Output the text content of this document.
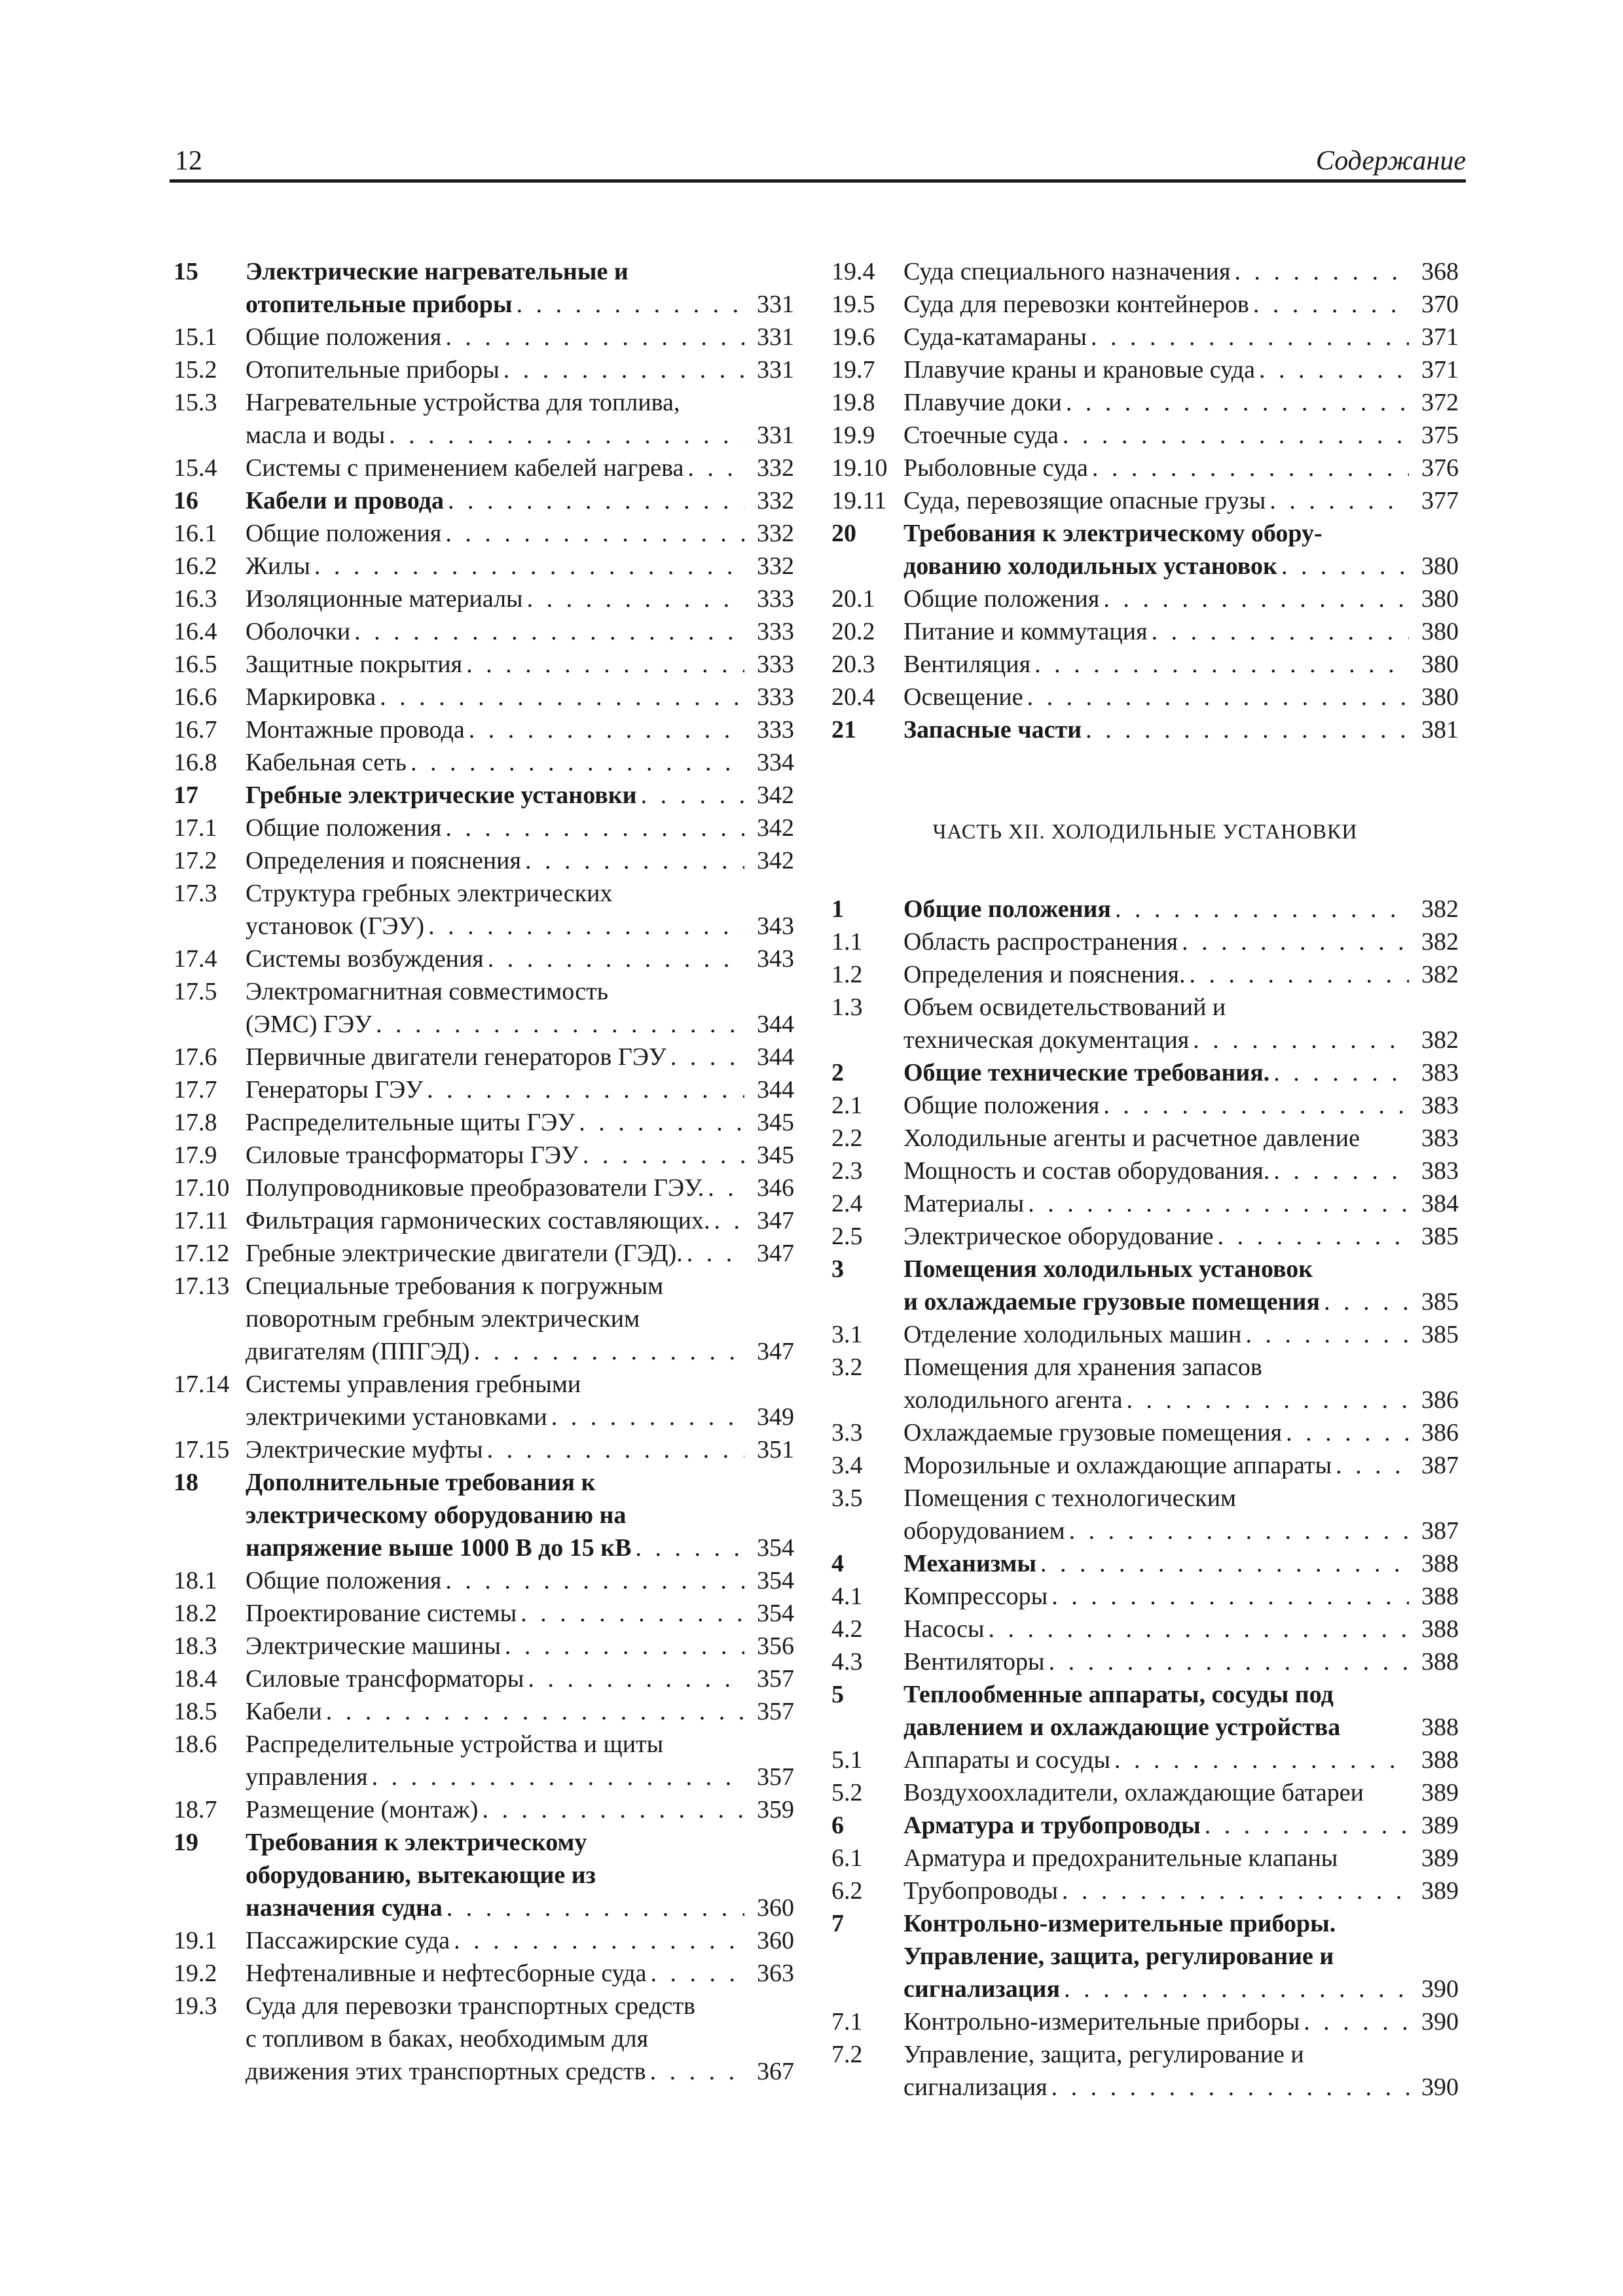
12	Содержание
15	Электрические нагревательные и
отопительные приборы . . .	331
15.1	Общие положения . . .	331
15.2	Отопительные приборы . . .	331
15.3	Нагревательные устройства для топлива,
масла и воды . . .	331
15.4	Системы с применением кабелей нагрева . . .	332
16	Кабели и провода . . .	332
16.1	Общие положения . . .	332
16.2	Жилы . . .	332
16.3	Изоляционные материалы . . .	333
16.4	Оболочки . . .	333
16.5	Защитные покрытия . . .	333
16.6	Маркировка . . .	333
16.7	Монтажные провода . . .	333
16.8	Кабельная сеть . . .	334
17	Гребные электрические установки . . .	342
17.1	Общие положения . . .	342
17.2	Определения и пояснения . . .	342
17.3	Структура гребных электрических
установок (ГЭУ) . . .	343
17.4	Системы возбуждения . . .	343
17.5	Электромагнитная совместимость
(ЭМС) ГЭУ . . .	344
17.6	Первичные двигатели генераторов ГЭУ . . .	344
17.7	Генераторы ГЭУ . . .	344
17.8	Распределительные щиты ГЭУ . . .	345
17.9	Силовые трансформаторы ГЭУ . . .	345
17.10 Полупроводниковые преобразователи ГЭУ. . . .	346
17.11 Фильтрация гармонических составляющих. . . .	347
17.12 Гребные электрические двигатели (ГЭД). . . .	347
17.13 Специальные требования к погружным
поворотным гребным электрическим
двигателям (ППГЭД) . . .	347
17.14 Системы управления гребными
электричекими установками . . .	349
17.15 Электрические муфты . . .	351
18	Дополнительные требования к
электрическому оборудованию на
напряжение выше 1000 В до 15 кВ . . .	354
18.1	Общие положения . . .	354
18.2	Проектирование системы . . .	354
18.3	Электрические машины . . .	356
18.4	Силовые трансформаторы . . .	357
18.5	Кабели . . .	357
18.6	Распределительные устройства и щиты
управления . . .	357
18.7	Размещение (монтаж) . . .	359
19	Требования к электрическому
оборудованию, вытекающие из
назначения судна . . .	360
19.1	Пассажирские суда . . .	360
19.2	Нефтеналивные и нефтесборные суда . . .	363
19.3	Суда для перевозки транспортных средств
с топливом в баках, необходимым для
движения этих транспортных средств . . .	367
19.4	Суда специального назначения . . .	368
19.5	Суда для перевозки контейнеров . . .	370
19.6	Суда-катамараны . . .	371
19.7	Плавучие краны и крановые суда . . .	371
19.8	Плавучие доки . . .	372
19.9	Стоечные суда . . .	375
19.10 Рыболовные суда . . .	376
19.11 Суда, перевозящие опасные грузы . . .	377
20	Требования к электрическому обору-
дованию холодильных установок . . .	380
20.1	Общие положения . . .	380
20.2	Питание и коммутация . . .	380
20.3	Вентиляция . . .	380
20.4	Освещение . . .	380
21	Запасные части . . .	381
ЧАСТЬ XII. ХОЛОДИЛЬНЫЕ УСТАНОВКИ
1	Общие положения . . .	382
1.1	Область распространения . . .	382
1.2	Определения и пояснения. . . .	382
1.3	Объем освидетельствований и
техническая документация . . .	382
2	Общие технические требования. . . .	383
2.1	Общие положения . . .	383
2.2	Холодильные агенты и расчетное давление	383
2.3	Мощность и состав оборудования. . . .	383
2.4	Материалы . . .	384
2.5	Электрическое оборудование . . .	385
3	Помещения холодильных установок
и охлаждаемые грузовые помещения . . .	385
3.1	Отделение холодильных машин . . .	385
3.2	Помещения для хранения запасов
холодильного агента . . .	386
3.3	Охлаждаемые грузовые помещения . . .	386
3.4	Морозильные и охлаждающие аппараты . . .	387
3.5	Помещения с технологическим
оборудованием . . .	387
4	Механизмы . . .	388
4.1	Компрессоры . . .	388
4.2	Насосы . . .	388
4.3	Вентиляторы . . .	388
5	Теплообменные аппараты, сосуды под
давлением и охлаждающие устройства	388
5.1	Аппараты и сосуды . . .	388
5.2	Воздухоохладители, охлаждающие батареи	389
6	Арматура и трубопроводы . . .	389
6.1	Арматура и предохранительные клапаны	389
6.2	Трубопроводы . . .	389
7	Контрольно-измерительные приборы.
Управление, защита, регулирование и
сигнализация . . .	390
7.1	Контрольно-измерительные приборы . . .	390
7.2	Управление, защита, регулирование и
сигнализация . . .	390
